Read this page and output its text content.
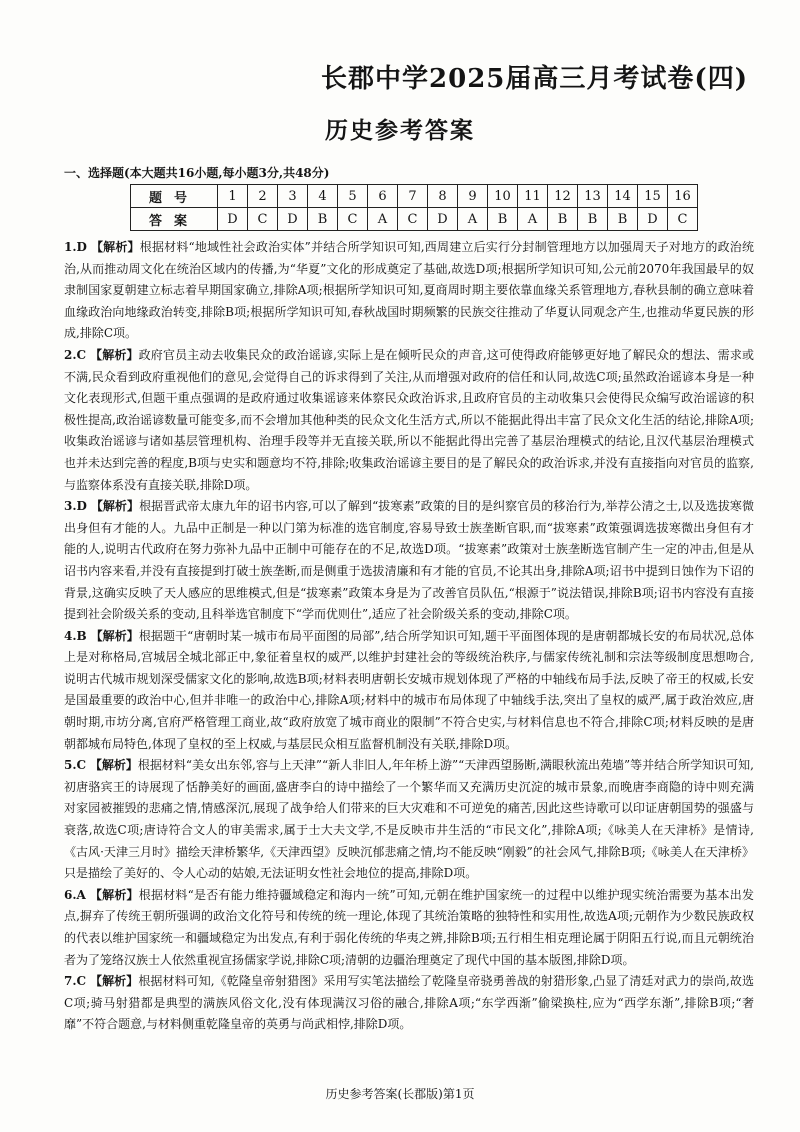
长郡中学2025届高三月考试卷(四)
历史参考答案
一、选择题(本大题共16小题,每小题3分,共48分)
题号	1	2	3	4	5	6	7	8	9	10	11	12	13	14	15	16
答案	D	C	D	B	C	A	C	D	A	B	A	B	B	B	D	C

1.D 【解析】根据材料“地域性社会政治实体”并结合所学知识可知,西周建立后实行分封制管理地方以加强周天子对地方的政治统治,从而推动周文化在统治区域内的传播,为“华夏”文化的形成奠定了基础,故选D项;根据所学知识可知,公元前2070年我国最早的奴隶制国家夏朝建立标志着早期国家确立,排除A项;根据所学知识可知,夏商周时期主要依靠血缘关系管理地方,春秋县制的确立意味着血缘政治向地缘政治转变,排除B项;根据所学知识可知,春秋战国时期频繁的民族交往推动了华夏认同观念产生,也推动华夏民族的形成,排除C项。

2.C 【解析】政府官员主动去收集民众的政治谣谚,实际上是在倾听民众的声音,这可使得政府能够更好地了解民众的想法、需求或不满,民众看到政府重视他们的意见,会觉得自己的诉求得到了关注,从而增强对政府的信任和认同,故选C项;虽然政治谣谚本身是一种文化表现形式,但题干重点强调的是政府通过收集谣谚来体察民众政治诉求,且政府官员的主动收集只会使得民众编写政治谣谚的积极性提高,政治谣谚数量可能变多,而不会增加其他种类的民众文化生活方式,所以不能据此得出丰富了民众文化生活的结论,排除A项;收集政治谣谚与诸如基层管理机构、治理手段等并无直接关联,所以不能据此得出完善了基层治理模式的结论,且汉代基层治理模式也并未达到完善的程度,B项与史实和题意均不符,排除;收集政治谣谚主要目的是了解民众的政治诉求,并没有直接指向对官员的监察,与监察体系没有直接关联,排除D项。

3.D 【解析】根据晋武帝太康九年的诏书内容,可以了解到“拔寒素”政策的目的是纠察官员的移治行为,举荐公清之士,以及选拔寒微出身但有才能的人。九品中正制是一种以门第为标准的选官制度,容易导致士族垄断官职,而“拔寒素”政策强调选拔寒微出身但有才能的人,说明古代政府在努力弥补九品中正制中可能存在的不足,故选D项。“拔寒素”政策对士族垄断选官制产生一定的冲击,但是从诏书内容来看,并没有直接提到打破士族垄断,而是侧重于选拔清廉和有才能的官员,不论其出身,排除A项;诏书中提到日蚀作为下诏的背景,这确实反映了天人感应的思维模式,但是“拔寒素”政策本身是为了改善官员队伍,“根源于”说法错误,排除B项;诏书内容没有直接提到社会阶级关系的变动,且科举选官制度下“学而优则仕”,适应了社会阶级关系的变动,排除C项。

4.B 【解析】根据题干“唐朝时某一城市布局平面图的局部”,结合所学知识可知,题干平面图体现的是唐朝都城长安的布局状况,总体上是对称格局,宫城居全城北部正中,象征着皇权的威严,以维护封建社会的等级统治秩序,与儒家传统礼制和宗法等级制度思想吻合,说明古代城市规划深受儒家文化的影响,故选B项;材料表明唐朝长安城市规划体现了严格的中轴线布局手法,反映了帝王的权威,长安是国最重要的政治中心,但并非唯一的政治中心,排除A项;材料中的城市布局体现了中轴线手法,突出了皇权的威严,属于政治效应,唐朝时期,市坊分离,官府严格管理工商业,故“政府放宽了城市商业的限制”不符合史实,与材料信息也不符合,排除C项;材料反映的是唐朝都城布局特色,体现了皇权的至上权威,与基层民众相互监督机制没有关联,排除D项。

5.C 【解析】根据材料“美女出东邻,容与上天津”“新人非旧人,年年桥上游”“天津西望肠断,满眼秋流出苑墙”等并结合所学知识可知,初唐骆宾王的诗展现了恬静美好的画面,盛唐李白的诗中描绘了一个繁华而又充满历史沉淀的城市景象,而晚唐李商隐的诗中则充满对家园被摧毁的悲痛之情,情感深沉,展现了战争给人们带来的巨大灾难和不可逆免的痛苦,因此这些诗歌可以印证唐朝国势的强盛与衰落,故选C项;唐诗符合文人的审美需求,属于士大夫文学,不是反映市井生活的“市民文化”,排除A项;《咏美人在天津桥》是情诗,《古风·天津三月时》描绘天津桥繁华,《天津西望》反映沉郁悲痛之情,均不能反映“刚毅”的社会风气,排除B项;《咏美人在天津桥》只是描绘了美好的、令人心动的姑娘,无法证明女性社会地位的提高,排除D项。

6.A 【解析】根据材料“是否有能力维持疆域稳定和海内一统”可知,元朝在维护国家统一的过程中以维护现实统治需要为基本出发点,摒弃了传统王朝所强调的政治文化符号和传统的统一理论,体现了其统治策略的独特性和实用性,故选A项;元朝作为少数民族政权的代表以维护国家统一和疆域稳定为出发点,有利于弱化传统的华夷之辨,排除B项;五行相生相克理论属于阴阳五行说,而且元朝统治者为了笼络汉族士人依然重视宣扬儒家学说,排除C项;清朝的边疆治理奠定了现代中国的基本版图,排除D项。

7.C 【解析】根据材料可知,《乾隆皇帝射猎图》采用写实笔法描绘了乾隆皇帝骁勇善战的射猎形象,凸显了清廷对武力的崇尚,故选C项;骑马射猎都是典型的满族风俗文化,没有体现满汉习俗的融合,排除A项;“东学西渐”偷梁换柱,应为“西学东渐”,排除B项;“奢靡”不符合题意,与材料侧重乾隆皇帝的英勇与尚武相悖,排除D项。

历史参考答案(长郡版)第1页
